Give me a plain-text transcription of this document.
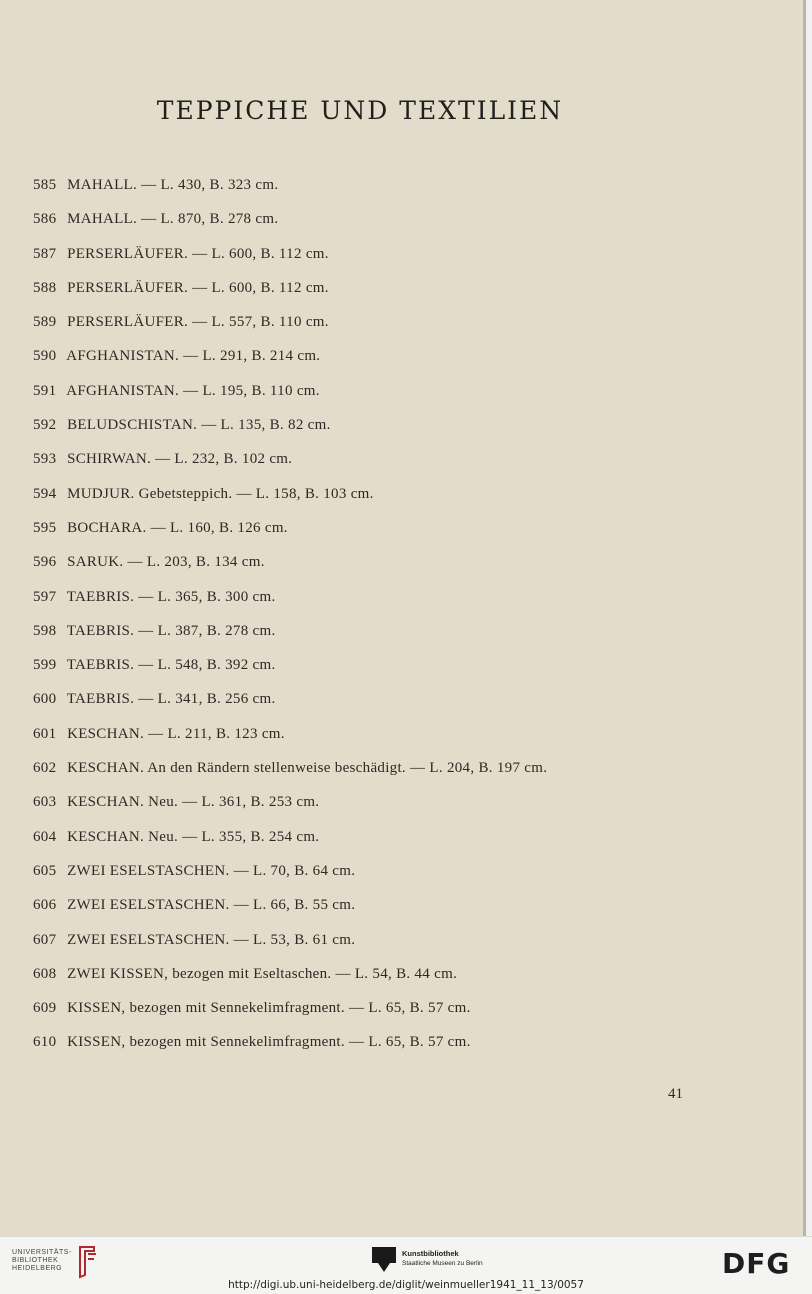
TEPPICHE UND TEXTILIEN
585 MAHALL. — L. 430, B. 323 cm.
586 MAHALL. — L. 870, B. 278 cm.
587 PERSERLÄUFER. — L. 600, B. 112 cm.
588 PERSERLÄUFER. — L. 600, B. 112 cm.
589 PERSERLÄUFER. — L. 557, B. 110 cm.
590 AFGHANISTAN. — L. 291, B. 214 cm.
591 AFGHANISTAN. — L. 195, B. 110 cm.
592 BELUDSCHISTAN. — L. 135, B. 82 cm.
593 SCHIRWAN. — L. 232, B. 102 cm.
594 MUDJUR. Gebetsteppich. — L. 158, B. 103 cm.
595 BOCHARA. — L. 160, B. 126 cm.
596 SARUK. — L. 203, B. 134 cm.
597 TAEBRIS. — L. 365, B. 300 cm.
598 TAEBRIS. — L. 387, B. 278 cm.
599 TAEBRIS. — L. 548, B. 392 cm.
600 TAEBRIS. — L. 341, B. 256 cm.
601 KESCHAN. — L. 211, B. 123 cm.
602 KESCHAN. An den Rändern stellenweise beschädigt. — L. 204, B. 197 cm.
603 KESCHAN. Neu. — L. 361, B. 253 cm.
604 KESCHAN. Neu. — L. 355, B. 254 cm.
605 ZWEI ESELSTASCHEN. — L. 70, B. 64 cm.
606 ZWEI ESELSTASCHEN. — L. 66, B. 55 cm.
607 ZWEI ESELSTASCHEN. — L. 53, B. 61 cm.
608 ZWEI KISSEN, bezogen mit Eseltaschen. — L. 54, B. 44 cm.
609 KISSEN, bezogen mit Sennekelimfragment. — L. 65, B. 57 cm.
610 KISSEN, bezogen mit Sennekelimfragment. — L. 65, B. 57 cm.
41
UNIVERSITÄTS-
BIBLIOTHEK
HEIDELBERG
Kunstbibliothek
Staatliche Museen zu Berlin	DFG
http://digi.ub.uni-heidelberg.de/diglit/weinmueller1941_11_13/0057
